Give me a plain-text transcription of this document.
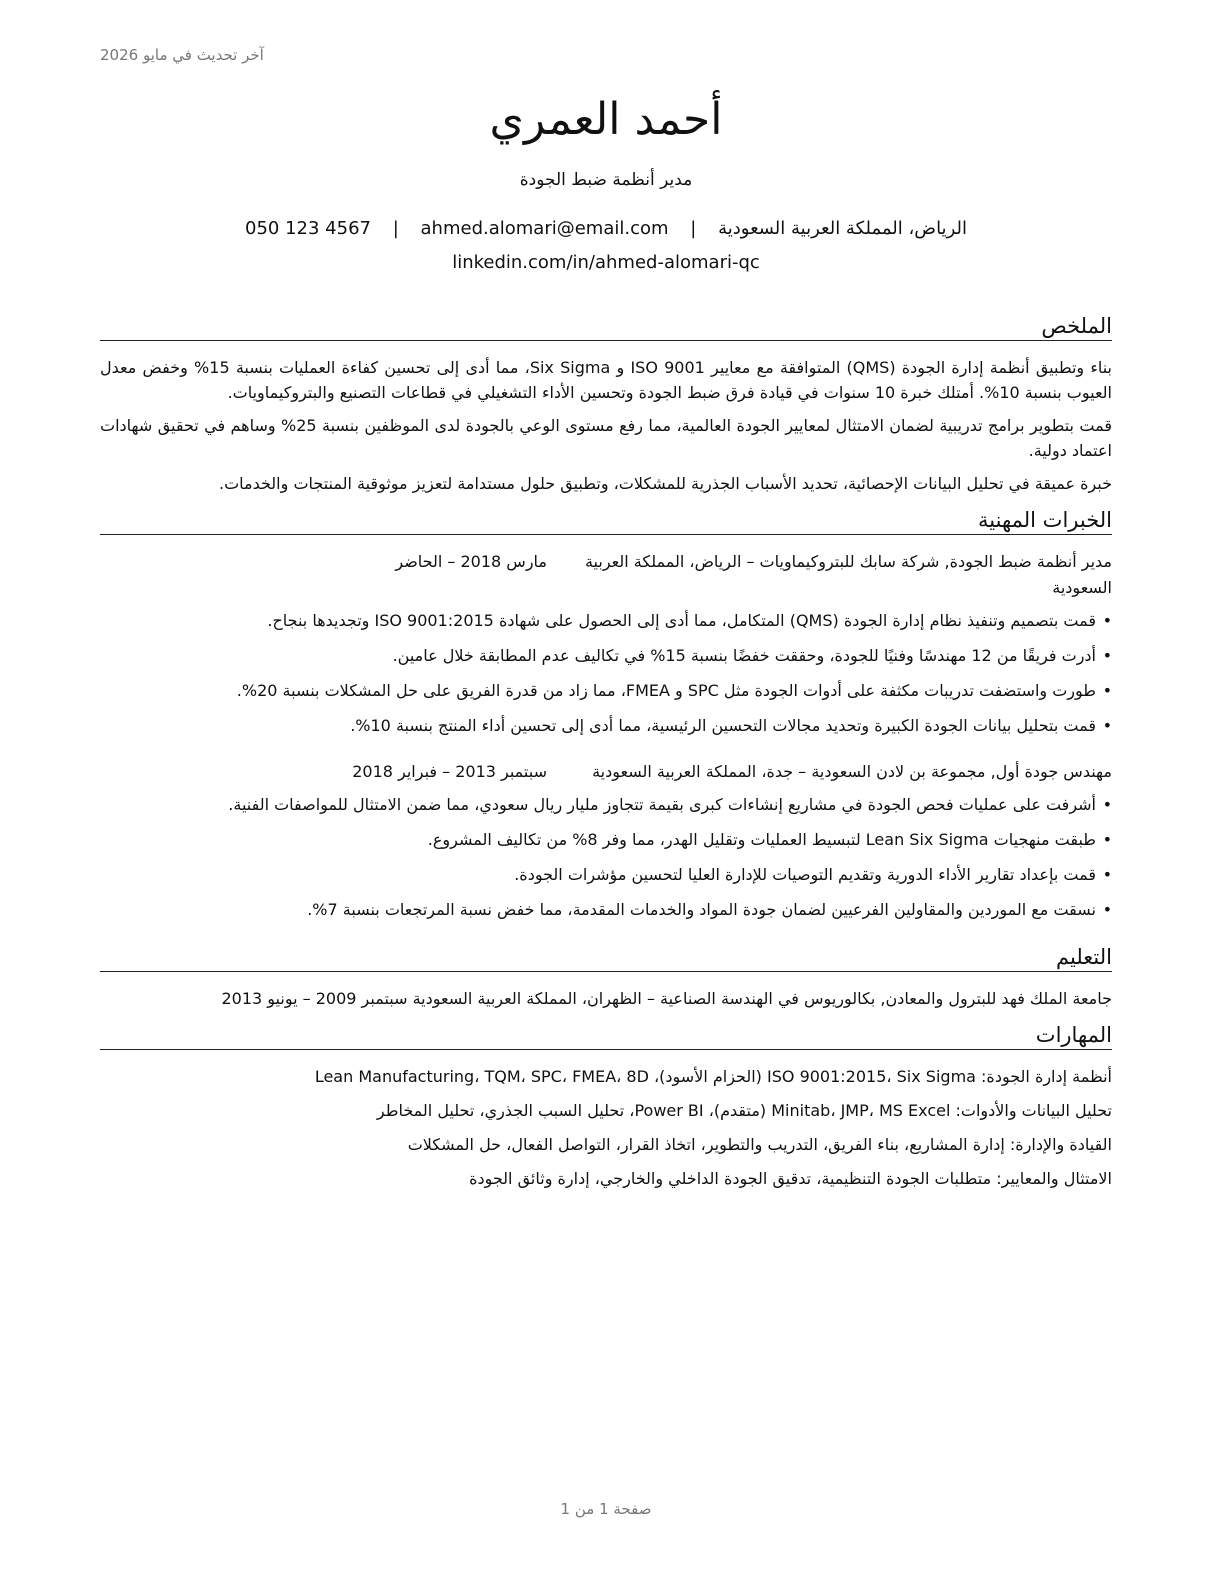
آخر تحديث في مايو 2026
أحمد العمري
مدير أنظمة ضبط الجودة
الرياض، المملكة العربية السعودية | ahmed.alomari@email.com | 050 123 4567
linkedin.com/in/ahmed-alomari-qc
الملخص

بناء وتطبيق أنظمة إدارة الجودة (QMS) المتوافقة مع معايير ISO 9001 و Six Sigma، مما أدى إلى تحسين كفاءة العمليات بنسبة 15% وخفض معدل العيوب بنسبة 10%. أمتلك خبرة 10 سنوات في قيادة فرق ضبط الجودة وتحسين الأداء التشغيلي في قطاعات التصنيع والبتروكيماويات.

قمت بتطوير برامج تدريبية لضمان الامتثال لمعايير الجودة العالمية، مما رفع مستوى الوعي بالجودة لدى الموظفين بنسبة 25% وساهم في تحقيق شهادات اعتماد دولية.

خبرة عميقة في تحليل البيانات الإحصائية، تحديد الأسباب الجذرية للمشكلات، وتطبيق حلول مستدامة لتعزيز موثوقية المنتجات والخدمات.

الخبرات المهنية
مدير أنظمة ضبط الجودة, شركة سابك للبتروكيماويات – الرياض، المملكة العربية السعودية
مارس 2018 – الحاضر
•
قمت بتصميم وتنفيذ نظام إدارة الجودة (QMS) المتكامل، مما أدى إلى الحصول على شهادة ISO 9001:2015 وتجديدها بنجاح.
•
أدرت فريقًا من 12 مهندسًا وفنيًا للجودة، وحققت خفضًا بنسبة 15% في تكاليف عدم المطابقة خلال عامين.
•
طورت واستضفت تدريبات مكثفة على أدوات الجودة مثل SPC و FMEA، مما زاد من قدرة الفريق على حل المشكلات بنسبة 20%.
•
قمت بتحليل بيانات الجودة الكبيرة وتحديد مجالات التحسين الرئيسية، مما أدى إلى تحسين أداء المنتج بنسبة 10%.
مهندس جودة أول, مجموعة بن لادن السعودية – جدة، المملكة العربية السعودية
سبتمبر 2013 – فبراير 2018
•
أشرفت على عمليات فحص الجودة في مشاريع إنشاءات كبرى بقيمة تتجاوز مليار ريال سعودي، مما ضمن الامتثال للمواصفات الفنية.
•
طبقت منهجيات Lean Six Sigma لتبسيط العمليات وتقليل الهدر، مما وفر 8% من تكاليف المشروع.
•
قمت بإعداد تقارير الأداء الدورية وتقديم التوصيات للإدارة العليا لتحسين مؤشرات الجودة.
•
نسقت مع الموردين والمقاولين الفرعيين لضمان جودة المواد والخدمات المقدمة، مما خفض نسبة المرتجعات بنسبة 7%.
التعليم
جامعة الملك فهد للبترول والمعادن, بكالوريوس في الهندسة الصناعية – الظهران، المملكة العربية السعودية سبتمبر 2009 – يونيو 2013
المهارات
أنظمة إدارة الجودة: ISO 9001:2015، Six Sigma (الحزام الأسود)، Lean Manufacturing، TQM، SPC، FMEA، 8D
تحليل البيانات والأدوات: Minitab، JMP، MS Excel (متقدم)، Power BI، تحليل السبب الجذري، تحليل المخاطر
القيادة والإدارة: إدارة المشاريع، بناء الفريق، التدريب والتطوير، اتخاذ القرار، التواصل الفعال، حل المشكلات
الامتثال والمعايير: متطلبات الجودة التنظيمية، تدقيق الجودة الداخلي والخارجي، إدارة وثائق الجودة
صفحة 1 من 1
